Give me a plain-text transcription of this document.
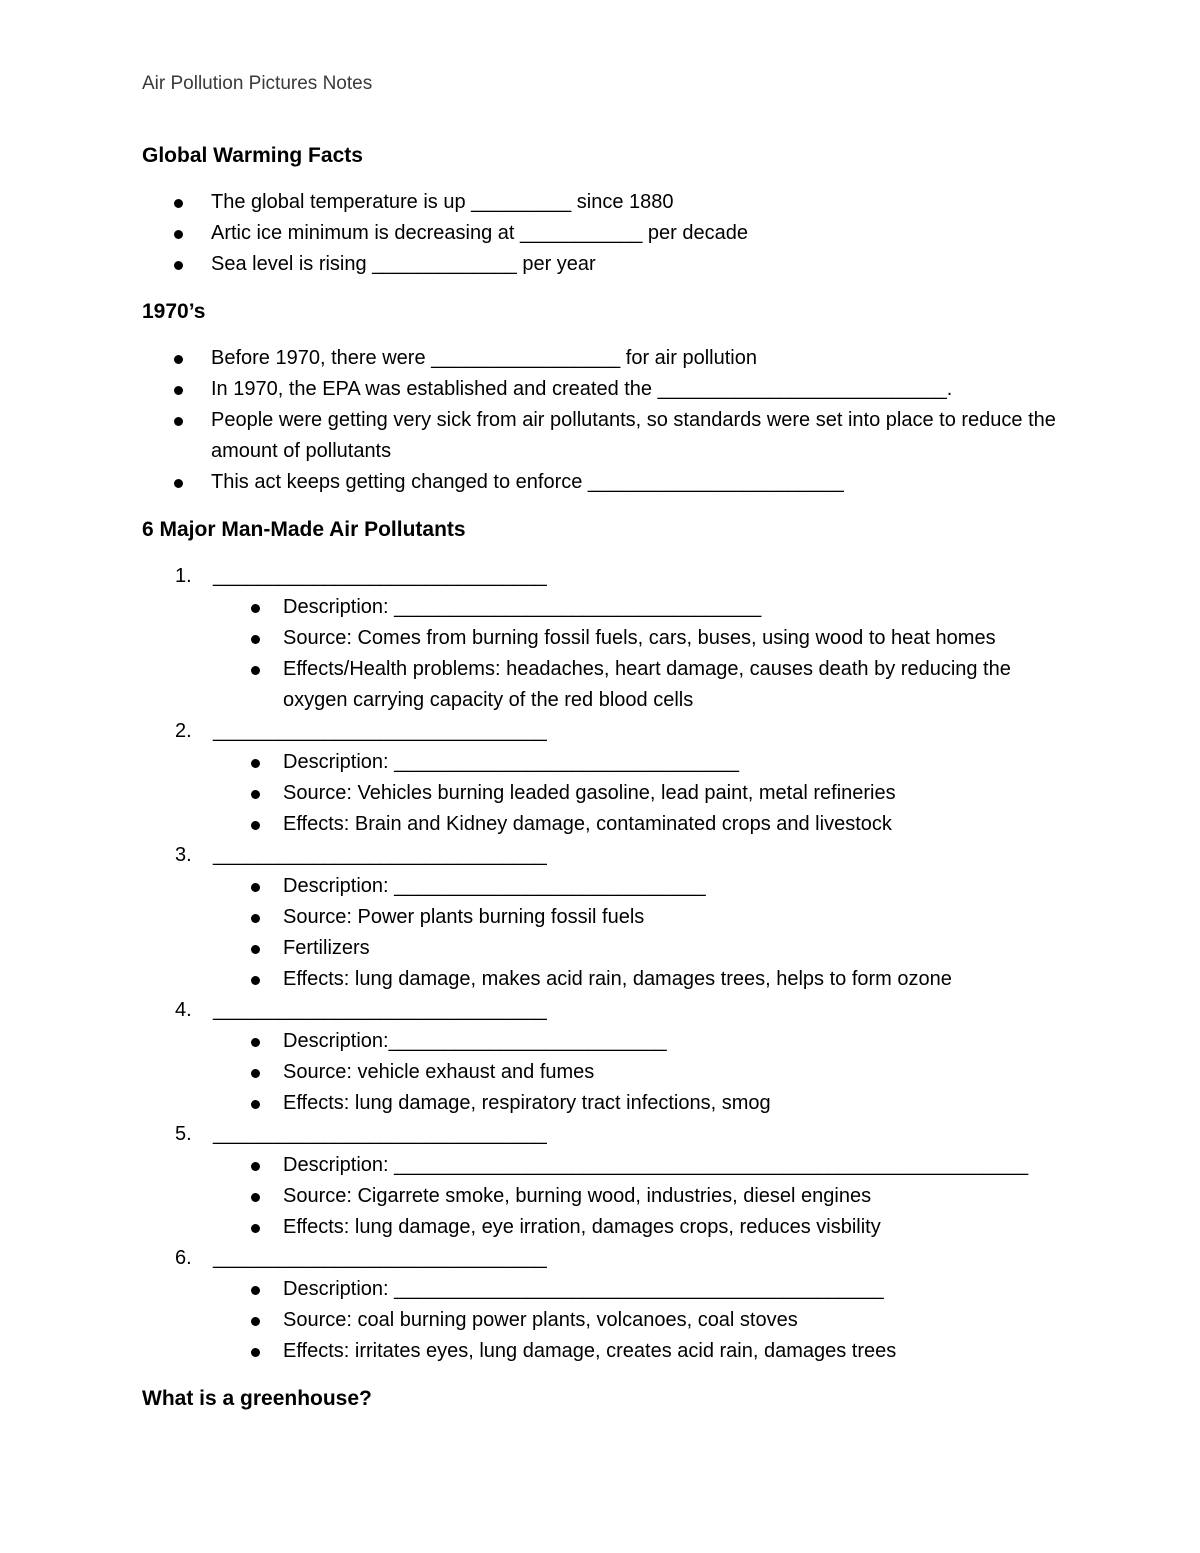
Air Pollution Pictures Notes
Global Warming Facts
The global temperature is up _________ since 1880
Artic ice minimum is decreasing at ___________ per decade
Sea level is rising _____________ per year
1970’s
Before 1970, there were _________________ for air pollution
In 1970, the EPA was established and created the __________________________.
People were getting very sick from air pollutants, so standards were set into place to reduce the amount of pollutants
This act keeps getting changed to enforce _______________________
6 Major Man-Made Air Pollutants
1. ______________________________
Description: _________________________________
Source: Comes from burning fossil fuels, cars, buses, using wood to heat homes
Effects/Health problems: headaches, heart damage, causes death by reducing the oxygen carrying capacity of the red blood cells
2. ______________________________
Description: _______________________________
Source: Vehicles burning leaded gasoline, lead paint, metal refineries
Effects: Brain and Kidney damage, contaminated crops and livestock
3. ______________________________
Description: ____________________________
Source: Power plants burning fossil fuels
Fertilizers
Effects: lung damage, makes acid rain, damages trees, helps to form ozone
4. ______________________________
Description:_________________________
Source: vehicle exhaust and fumes
Effects: lung damage, respiratory tract infections, smog
5. ______________________________
Description: _________________________________________________________
Source: Cigarrete smoke, burning wood, industries, diesel engines
Effects: lung damage, eye irration, damages crops, reduces visbility
6. ______________________________
Description: ____________________________________________
Source: coal burning power plants, volcanoes, coal stoves
Effects: irritates eyes, lung damage, creates acid rain, damages trees
What is a greenhouse?
